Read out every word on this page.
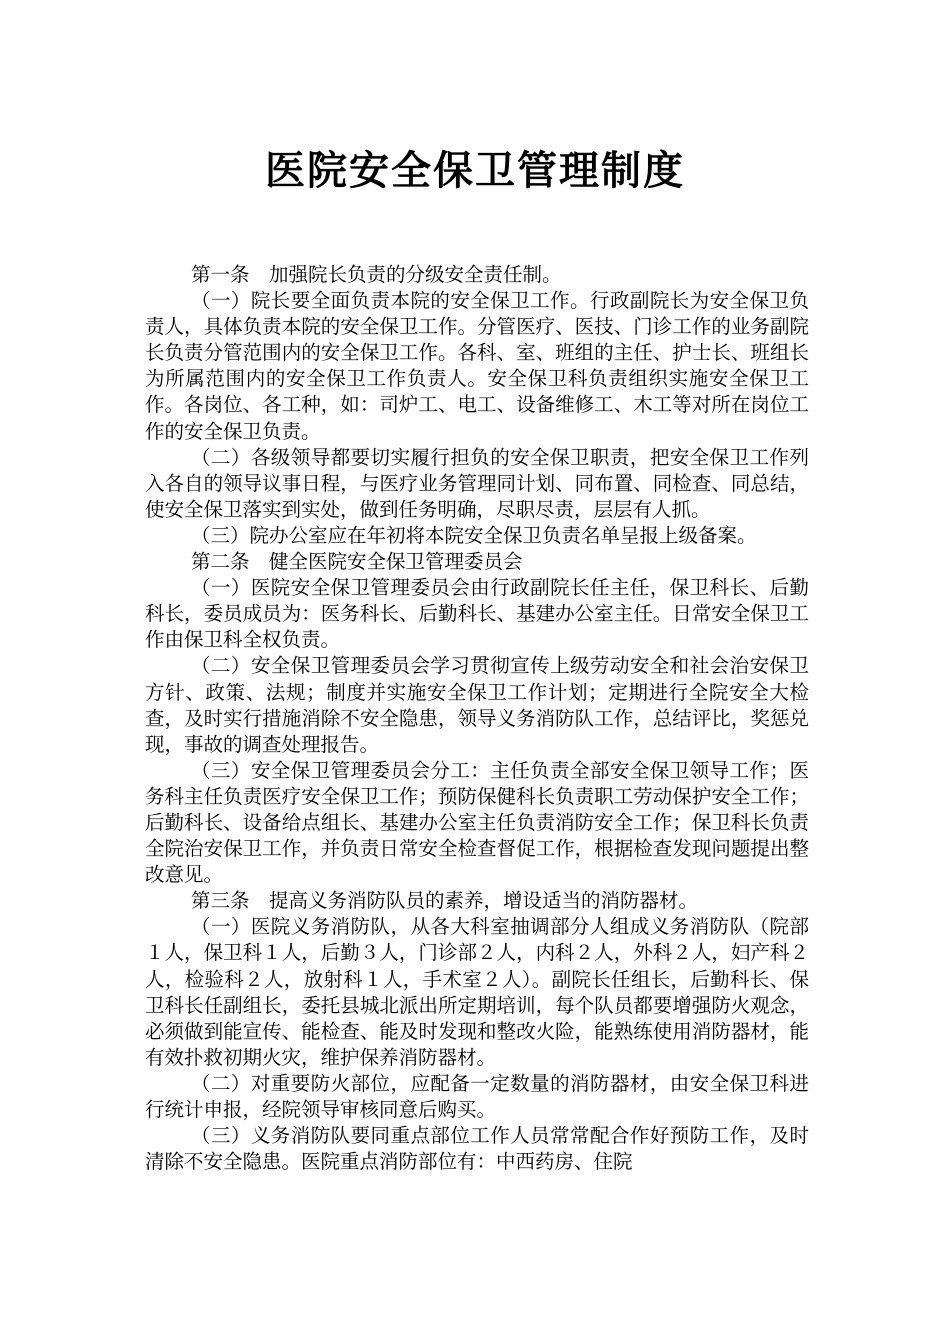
医院安全保卫管理制度

第一条　加强院长负责的分级安全责任制。

（一）院长要全面负责本院的安全保卫工作。行政副院长为安全保卫负责人，具体负责本院的安全保卫工作。分管医疗、医技、门诊工作的业务副院长负责分管范围内的安全保卫工作。各科、室、班组的主任、护士长、班组长为所属范围内的安全保卫工作负责人。安全保卫科负责组织实施安全保卫工作。各岗位、各工种，如：司炉工、电工、设备维修工、木工等对所在岗位工作的安全保卫负责。

（二）各级领导都要切实履行担负的安全保卫职责，把安全保卫工作列入各自的领导议事日程，与医疗业务管理同计划、同布置、同检查、同总结，使安全保卫落实到实处，做到任务明确，尽职尽责，层层有人抓。

（三）院办公室应在年初将本院安全保卫负责名单呈报上级备案。

第二条　健全医院安全保卫管理委员会

（一）医院安全保卫管理委员会由行政副院长任主任，保卫科长、后勤科长，委员成员为：医务科长、后勤科长、基建办公室主任。日常安全保卫工作由保卫科全权负责。

（二）安全保卫管理委员会学习贯彻宣传上级劳动安全和社会治安保卫方针、政策、法规；制度并实施安全保卫工作计划；定期进行全院安全大检查，及时实行措施消除不安全隐患，领导义务消防队工作，总结评比，奖惩兑现，事故的调查处理报告。

（三）安全保卫管理委员会分工：主任负责全部安全保卫领导工作；医务科主任负责医疗安全保卫工作；预防保健科长负责职工劳动保护安全工作；后勤科长、设备给点组长、基建办公室主任负责消防安全工作；保卫科长负责全院治安保卫工作，并负责日常安全检查督促工作，根据检查发现问题提出整改意见。

第三条　提高义务消防队员的素养，增设适当的消防器材。

（一）医院义务消防队，从各大科室抽调部分人组成义务消防队（院部１人，保卫科１人，后勤３人，门诊部２人，内科２人，外科２人，妇产科２人，检验科２人，放射科１人，手术室２人）。副院长任组长，后勤科长、保卫科长任副组长，委托县城北派出所定期培训，每个队员都要增强防火观念，必须做到能宣传、能检查、能及时发现和整改火险，能熟练使用消防器材，能有效扑救初期火灾，维护保养消防器材。

（二）对重要防火部位，应配备一定数量的消防器材，由安全保卫科进行统计申报，经院领导审核同意后购买。

（三）义务消防队要同重点部位工作人员常常配合作好预防工作，及时清除不安全隐患。医院重点消防部位有：中西药房、住院
